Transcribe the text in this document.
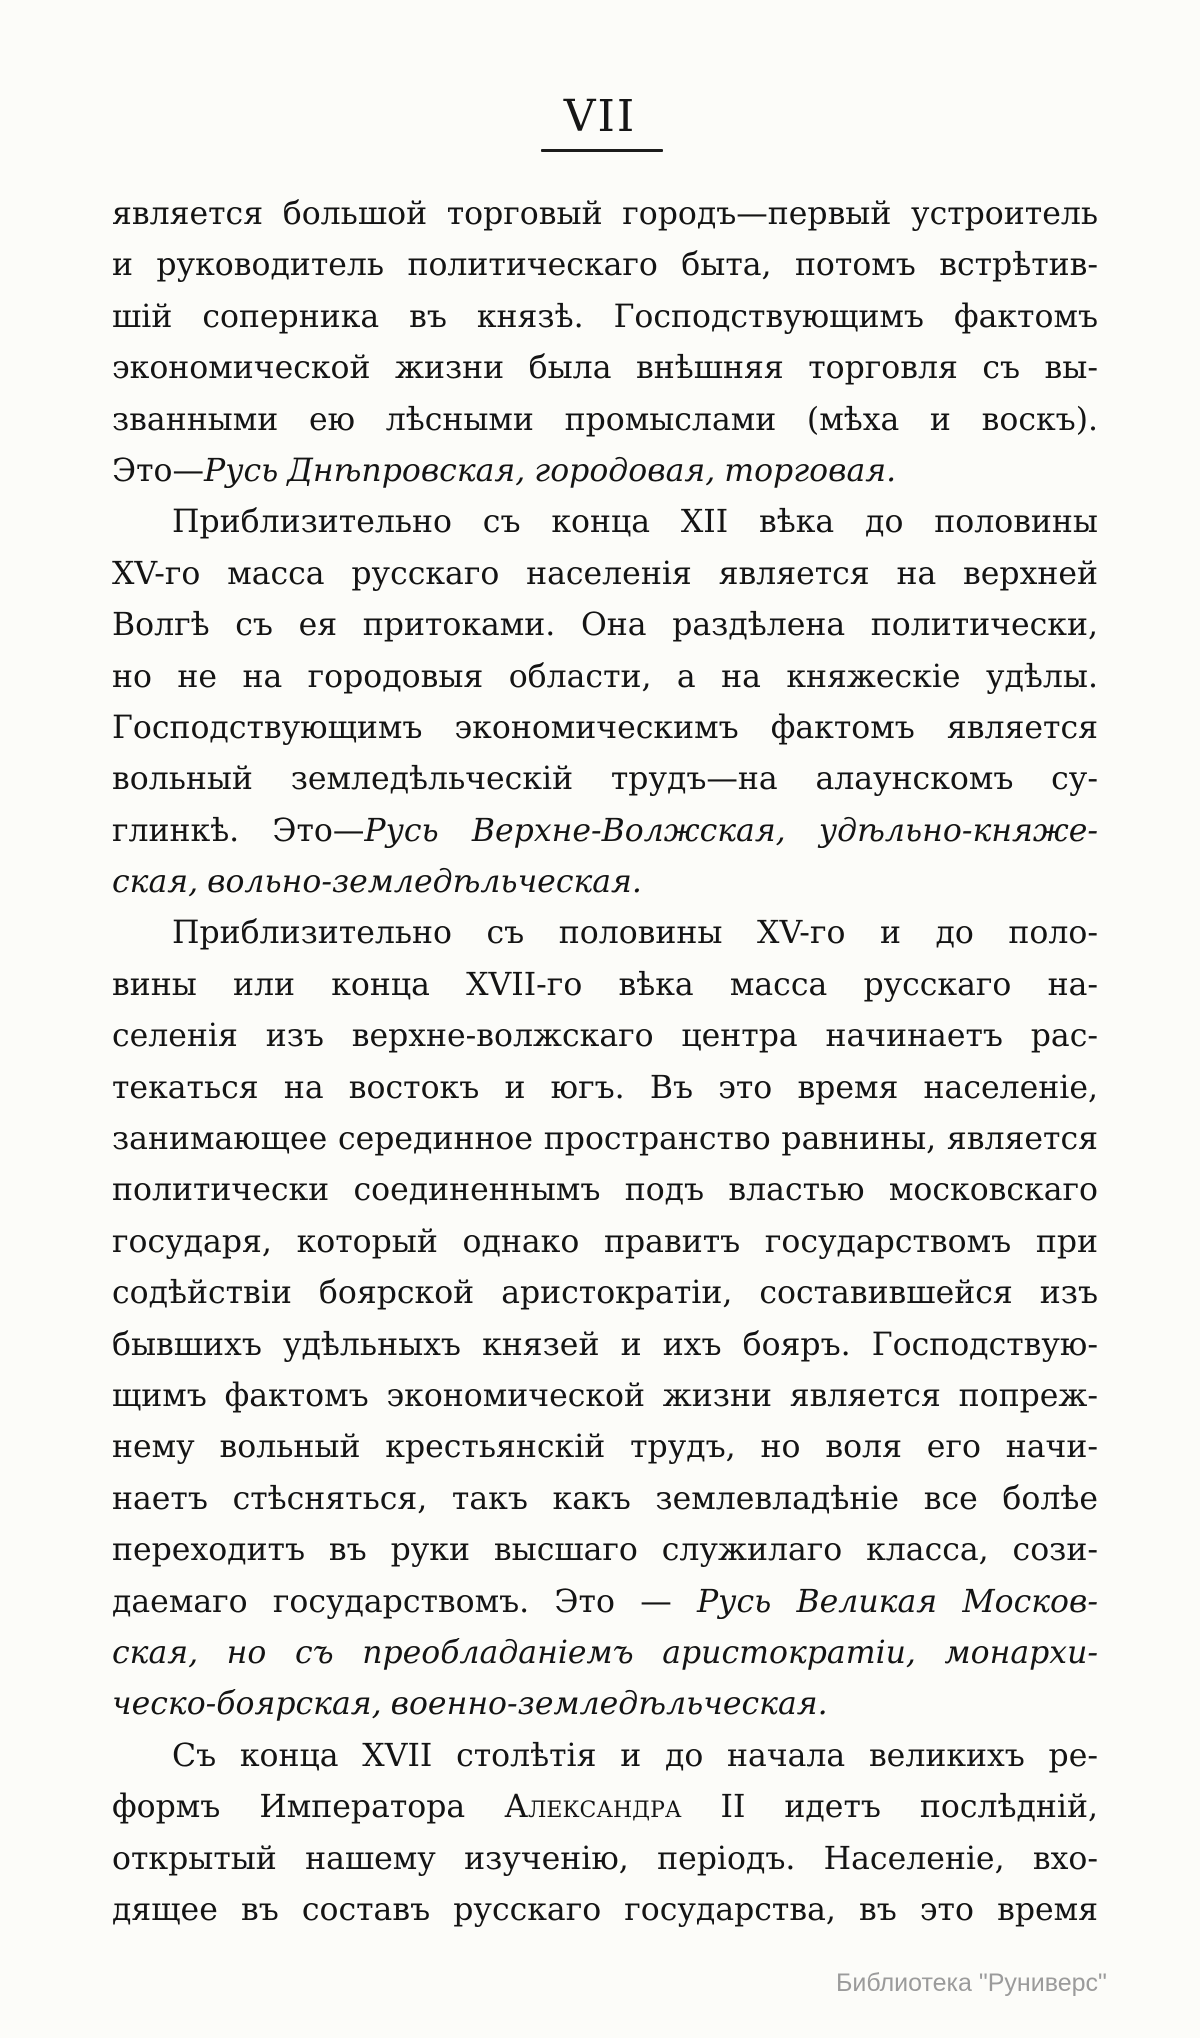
VII
является большой торговый городъ—первый устроитель
и руководитель политическаго быта, потомъ встрѣтив-
шій соперника въ князѣ. Господствующимъ фактомъ
экономической жизни была внѣшняя торговля съ вы-
званными ею лѣсными промыслами (мѣха и воскъ).
Это—Русь Днѣпровская, городовая, торговая.
Приблизительно съ конца XII вѣка до половины
XV-го масса русскаго населенія является на верхней
Волгѣ съ ея притоками. Она раздѣлена политически,
но не на городовыя области, а на княжескіе удѣлы.
Господствующимъ экономическимъ фактомъ является
вольный земледѣльческій трудъ—на алаунскомъ су-
глинкѣ. Это—Русь Верхне-Волжская, удѣльно-княже-
ская, вольно-земледѣльческая.
Приблизительно съ половины XV-го и до поло-
вины или конца XVII-го вѣка масса русскаго на-
селенія изъ верхне-волжскаго центра начинаетъ рас-
текаться на востокъ и югъ. Въ это время населеніе,
занимающее серединное пространство равнины, является
политически соединеннымъ подъ властью московскаго
государя, который однако правитъ государствомъ при
содѣйствіи боярской аристократіи, составившейся изъ
бывшихъ удѣльныхъ князей и ихъ бояръ. Господствую-
щимъ фактомъ экономической жизни является попреж-
нему вольный крестьянскій трудъ, но воля его начи-
наетъ стѣсняться, такъ какъ землевладѣніе все болѣе
переходитъ въ руки высшаго служилаго класса, сози-
даемаго государствомъ. Это — Русь Великая Москов-
ская, но съ преобладаніемъ аристократіи, монархи-
ческо-боярская, военно-земледѣльческая.
Съ конца XVII столѣтія и до начала великихъ ре-
формъ Императора Александра II идетъ послѣдній,
открытый нашему изученію, періодъ. Населеніе, вхо-
дящее въ составъ русскаго государства, въ это время
Библиотека "Руниверс"
